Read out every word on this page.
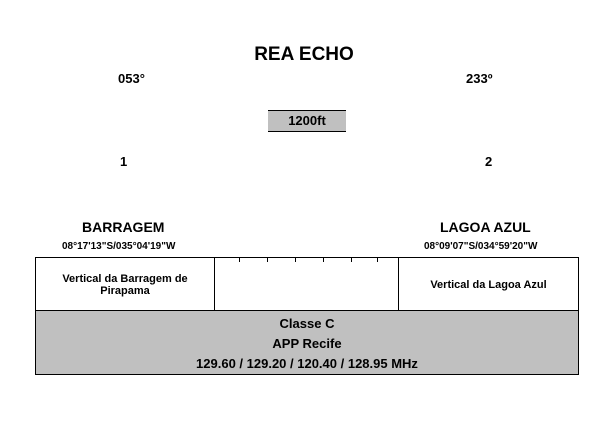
REA ECHO
053°	233º
1200ft
1	2
BARRAGEM	LAGOA AZUL
08°17'13"S/035°04'19"W	08°09'07"S/034°59'20"W
Vertical da Barragem de Pirapama	Vertical da Lagoa Azul
Classe C
APP Recife
129.60 / 129.20 / 120.40 / 128.95 MHz
